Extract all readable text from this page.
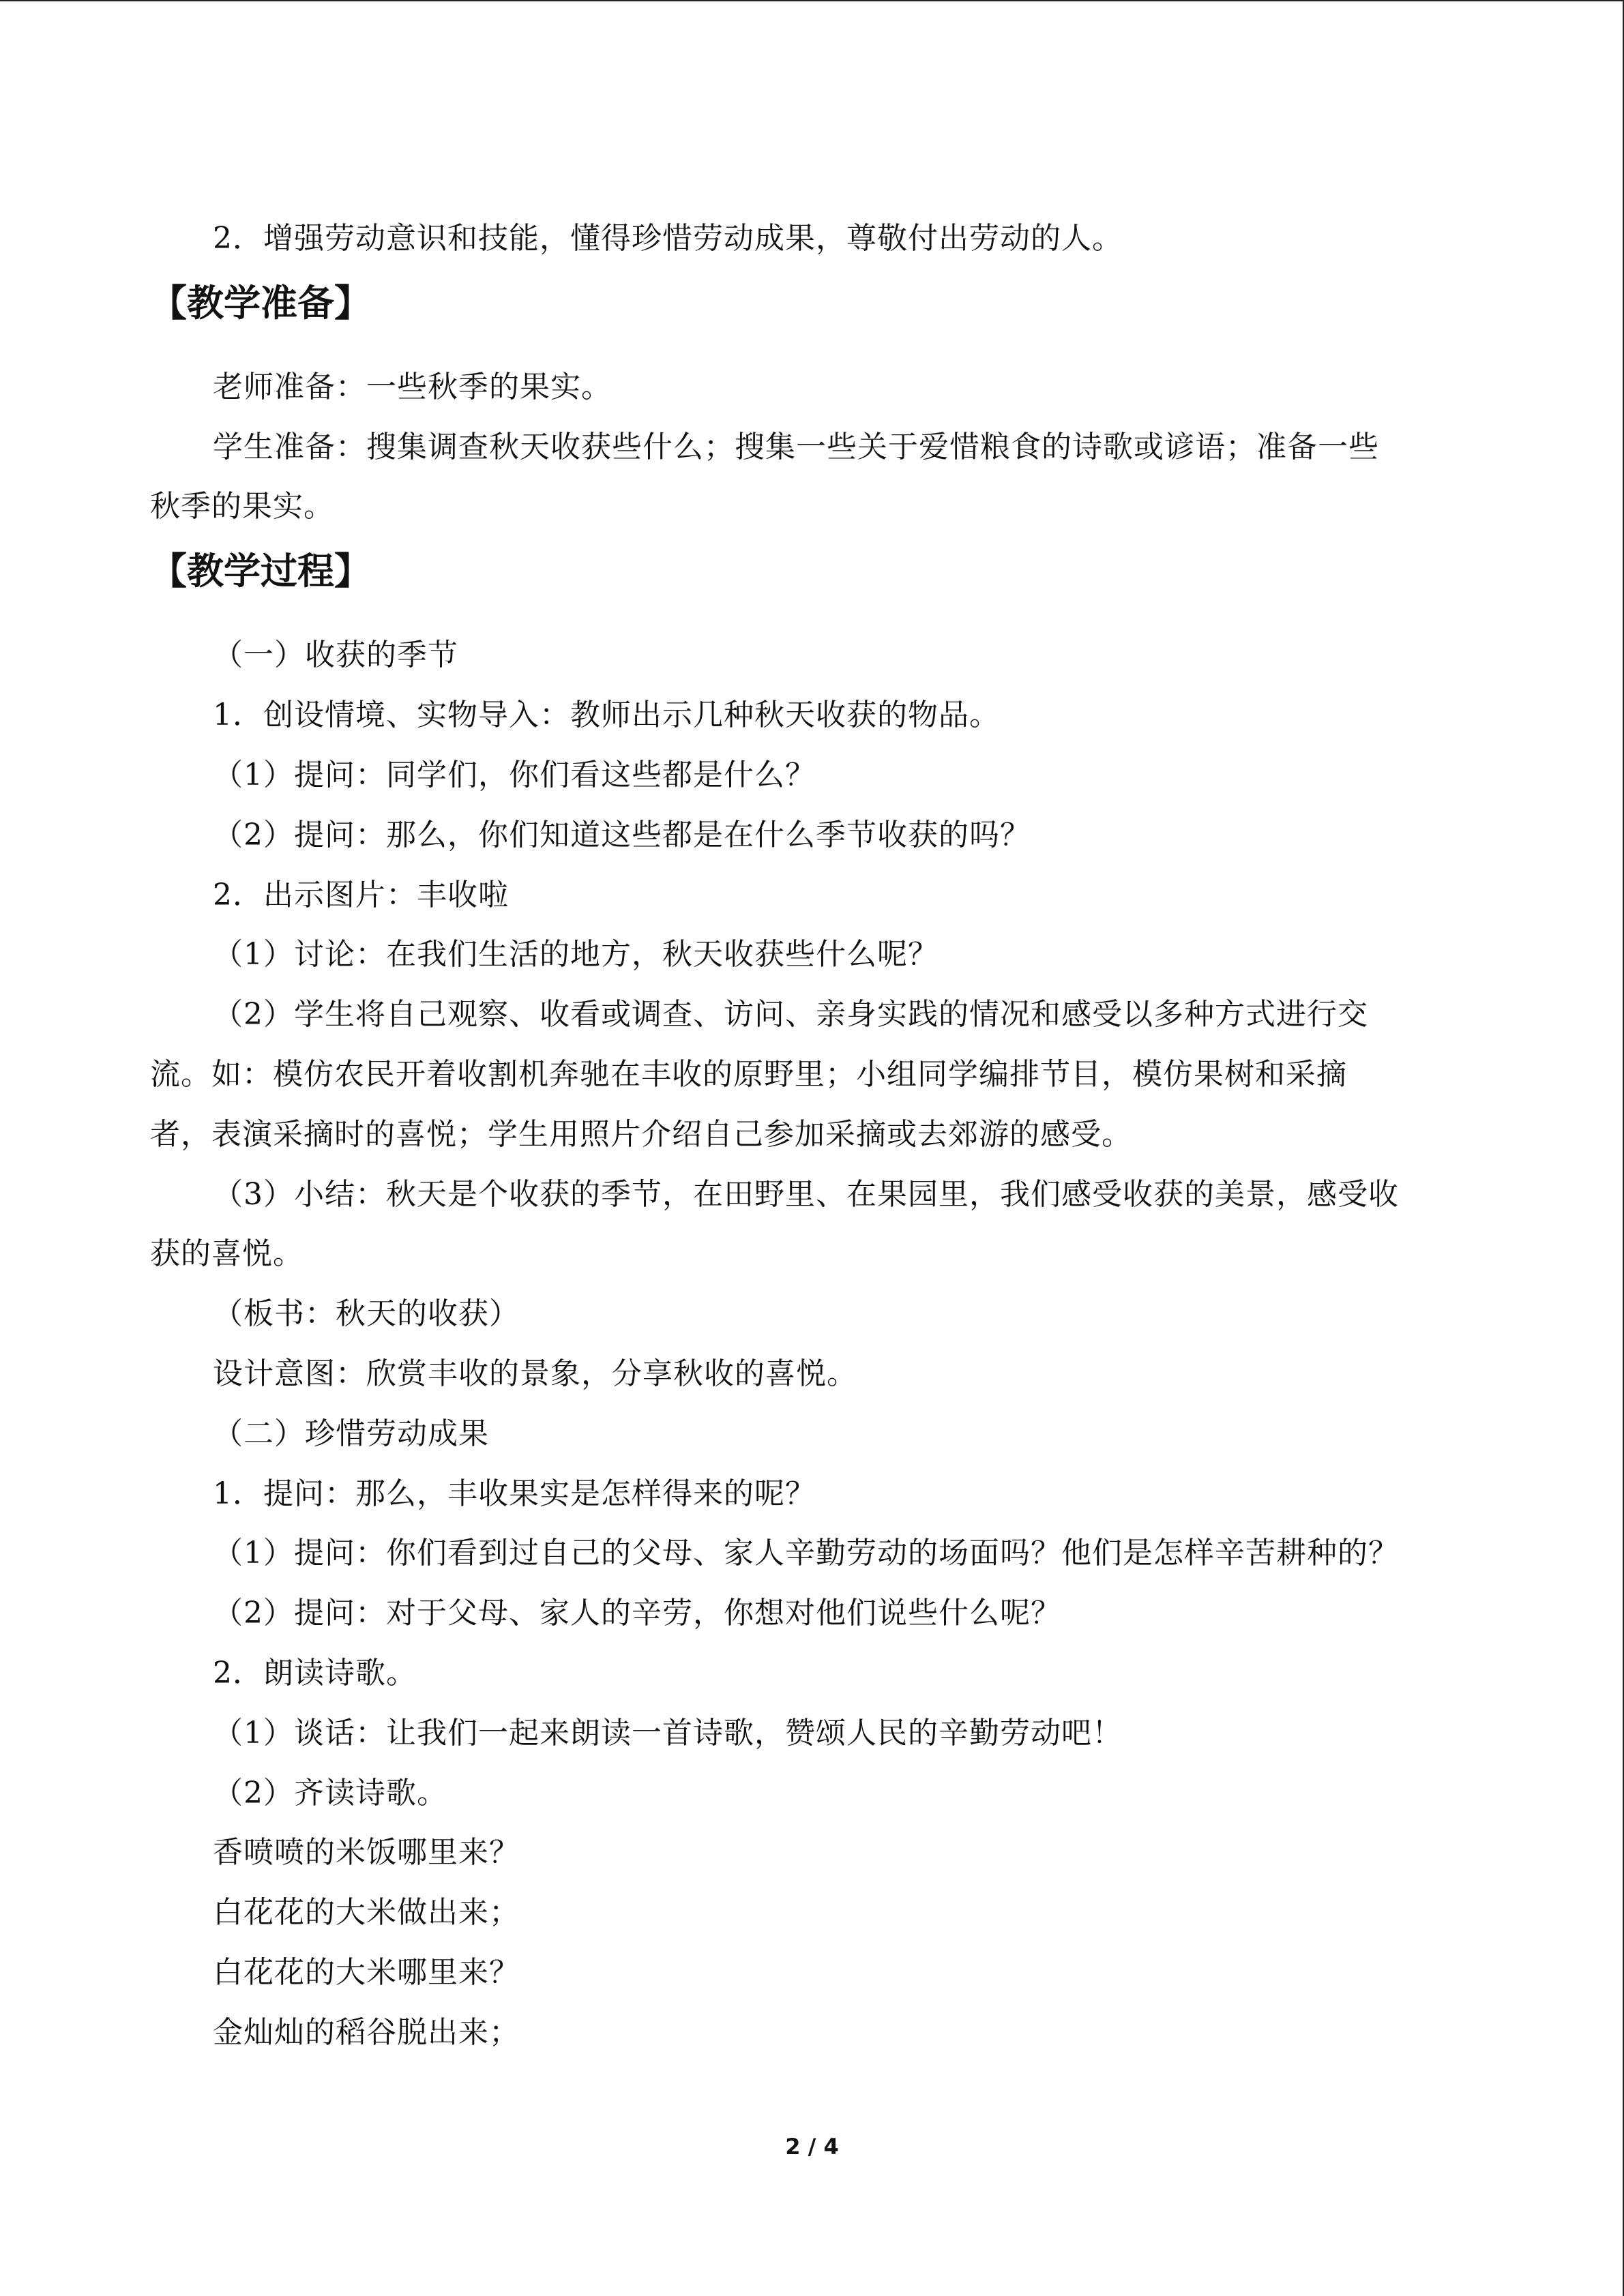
2．增强劳动意识和技能，懂得珍惜劳动成果，尊敬付出劳动的人。
【教学准备】
老师准备：一些秋季的果实。
学生准备：搜集调查秋天收获些什么；搜集一些关于爱惜粮食的诗歌或谚语；准备一些
秋季的果实。
【教学过程】
（一）收获的季节
1．创设情境、实物导入：教师出示几种秋天收获的物品。
（1）提问：同学们，你们看这些都是什么？
（2）提问：那么，你们知道这些都是在什么季节收获的吗？
2．出示图片：丰收啦
（1）讨论：在我们生活的地方，秋天收获些什么呢？
（2）学生将自己观察、收看或调查、访问、亲身实践的情况和感受以多种方式进行交
流。如：模仿农民开着收割机奔驰在丰收的原野里；小组同学编排节目，模仿果树和采摘
者，表演采摘时的喜悦；学生用照片介绍自己参加采摘或去郊游的感受。
（3）小结：秋天是个收获的季节，在田野里、在果园里，我们感受收获的美景，感受收
获的喜悦。
（板书：秋天的收获）
设计意图：欣赏丰收的景象，分享秋收的喜悦。
（二）珍惜劳动成果
1．提问：那么，丰收果实是怎样得来的呢？
（1）提问：你们看到过自己的父母、家人辛勤劳动的场面吗？他们是怎样辛苦耕种的？
（2）提问：对于父母、家人的辛劳，你想对他们说些什么呢？
2．朗读诗歌。
（1）谈话：让我们一起来朗读一首诗歌，赞颂人民的辛勤劳动吧！
（2）齐读诗歌。
香喷喷的米饭哪里来？
白花花的大米做出来；
白花花的大米哪里来？
金灿灿的稻谷脱出来；
2 / 4
